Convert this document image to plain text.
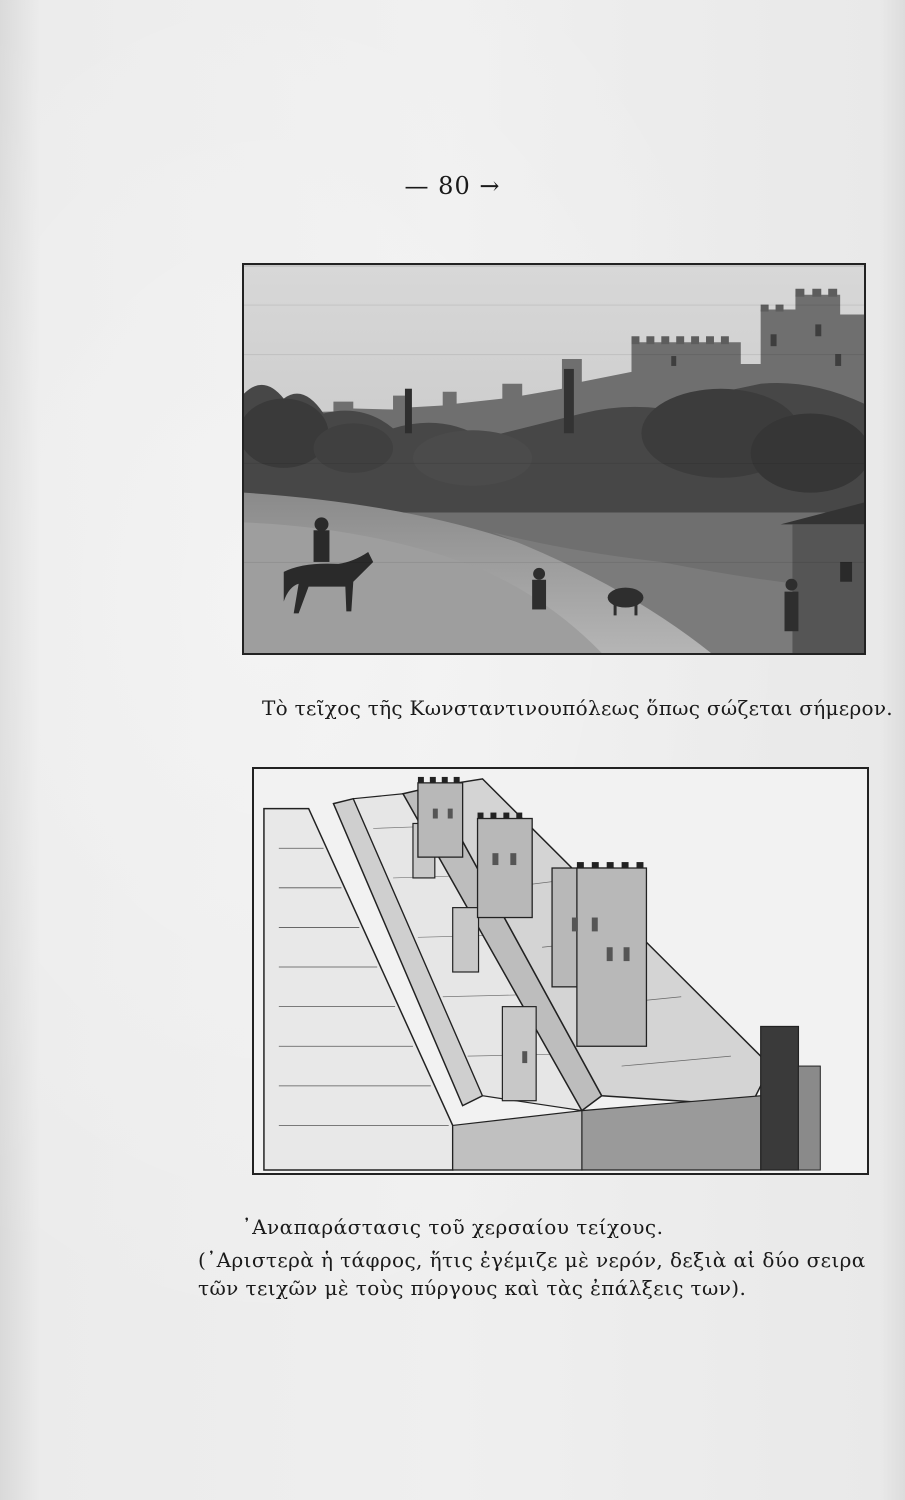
— 80 →
Τὸ τεῖχος τῆς Κωνσταντινουπόλεως ὅπως σώζεται σήμερον.
᾽Αναπαράστασις τοῦ χερσαίου τείχους.
(᾽Αριστερὰ ἡ τάφρος, ἥτις ἐγέμιζε μὲ νερόν, δεξιὰ αἱ δύο σειρα
τῶν τειχῶν μὲ τοὺς πύργους καὶ τὰς ἐπάλξεις των).
